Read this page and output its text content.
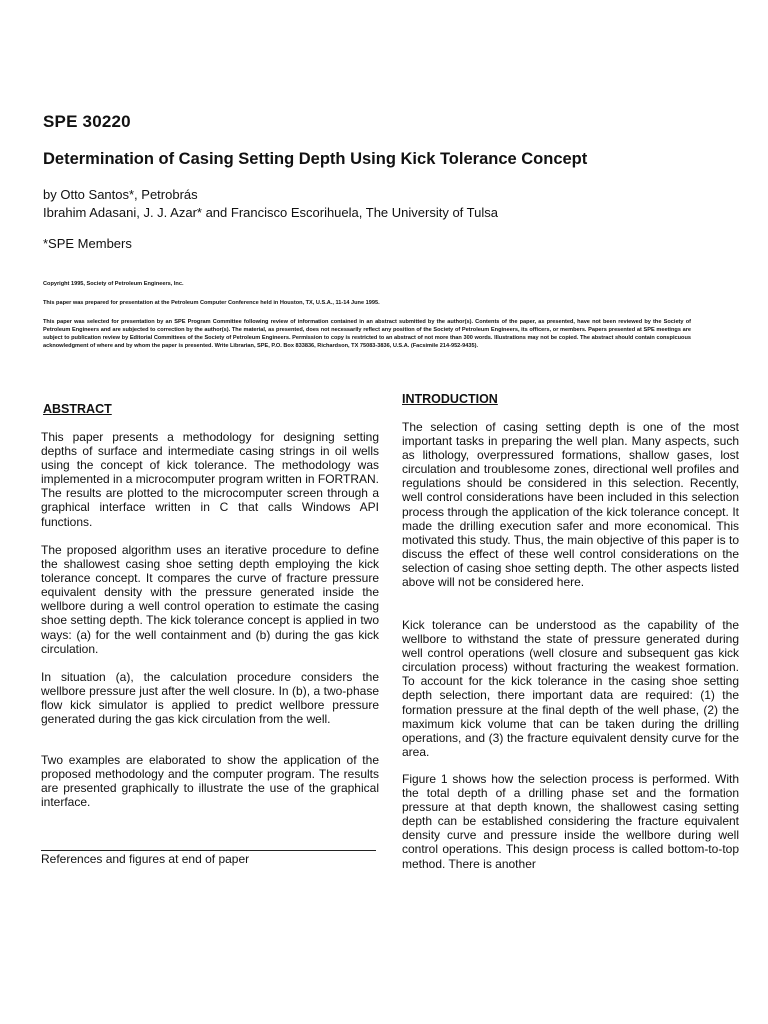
SPE 30220
Determination of Casing Setting Depth Using Kick Tolerance Concept
by Otto Santos*, Petrobrás
Ibrahim Adasani, J. J. Azar* and Francisco Escorihuela, The University of Tulsa
*SPE Members
Copyright 1995, Society of Petroleum Engineers, Inc.
This paper was prepared for presentation at the Petroleum Computer Conference held in Houston, TX, U.S.A., 11-14 June 1995.
This paper was selected for presentation by an SPE Program Committee following review of information contained in an abstract submitted by the author(s). Contents of the paper, as presented, have not been reviewed by the Society of Petroleum Engineers and are subjected to correction by the author(s). The material, as presented, does not necessarily reflect any position of the Society of Petroleum Engineers, its officers, or members. Papers presented at SPE meetings are subject to publication review by Editorial Committees of the Society of Petroleum Engineers. Permission to copy is restricted to an abstract of not more than 300 words. Illustrations may not be copied. The abstract should contain conspicuous acknowledgment of where and by whom the paper is presented. Write Librarian, SPE, P.O. Box 833836, Richardson, TX 75083-3836, U.S.A. (Facsimile 214-952-9435).
ABSTRACT

This paper presents a methodology for designing setting depths of surface and intermediate casing strings in oil wells using the concept of kick tolerance. The methodology was implemented in a microcomputer program written in FORTRAN. The results are plotted to the microcomputer screen through a graphical interface written in C that calls Windows API functions.

The proposed algorithm uses an iterative procedure to define the shallowest casing shoe setting depth employing the kick tolerance concept. It compares the curve of fracture pressure equivalent density with the pressure generated inside the wellbore during a well control operation to estimate the casing shoe setting depth. The kick tolerance concept is applied in two ways: (a) for the well containment and (b) during the gas kick circulation.

In situation (a), the calculation procedure considers the wellbore pressure just after the well closure. In (b), a two-phase flow kick simulator is applied to predict wellbore pressure generated during the gas kick circulation from the well.

Two examples are elaborated to show the application of the proposed methodology and the computer program. The results are presented graphically to illustrate the use of the graphical interface.

References and figures at end of paper
INTRODUCTION

The selection of casing setting depth is one of the most important tasks in preparing the well plan. Many aspects, such as lithology, overpressured formations, shallow gases, lost circulation and troublesome zones, directional well profiles and regulations should be considered in this selection. Recently, well control considerations have been included in this selection process through the application of the kick tolerance concept. It made the drilling execution safer and more economical. This motivated this study. Thus, the main objective of this paper is to discuss the effect of these well control considerations on the selection of casing shoe setting depth. The other aspects listed above will not be considered here.

Kick tolerance can be understood as the capability of the wellbore to withstand the state of pressure generated during well control operations (well closure and subsequent gas kick circulation process) without fracturing the weakest formation. To account for the kick tolerance in the casing shoe setting depth selection, there important data are required: (1) the formation pressure at the final depth of the well phase, (2) the maximum kick volume that can be taken during the drilling operations, and (3) the fracture equivalent density curve for the area.

Figure 1 shows how the selection process is performed. With the total depth of a drilling phase set and the formation pressure at that depth known, the shallowest casing setting depth can be established considering the fracture equivalent density curve and pressure inside the wellbore during well control operations. This design process is called bottom-to-top method. There is another
